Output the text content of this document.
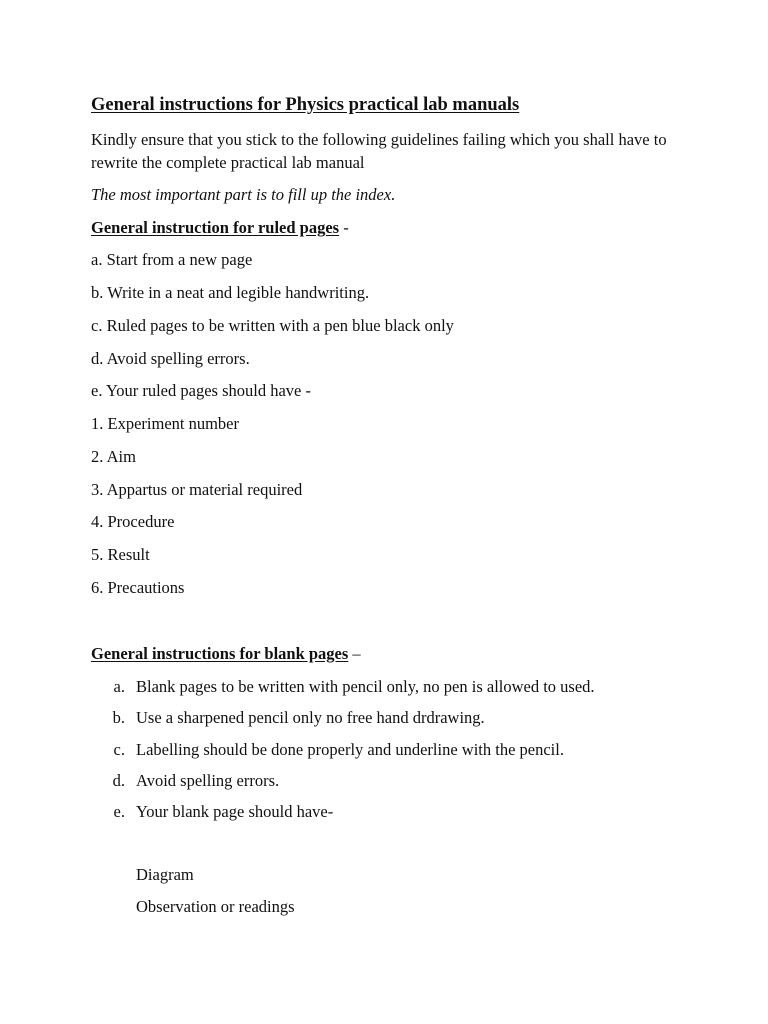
General instructions for Physics practical lab manuals
Kindly ensure that you stick to the following guidelines failing which you shall have to rewrite the complete practical lab manual
The most important part is to fill up the index.
General instruction for ruled pages -
a. Start from a new page
b. Write in a neat and legible handwriting.
c. Ruled pages to be written with a pen blue black only
d. Avoid spelling errors.
e. Your ruled pages should have -
1. Experiment number
2. Aim
3. Appartus or material required
4. Procedure
5. Result
6. Precautions
General instructions for blank pages –
a. Blank pages to be written with pencil only, no pen is allowed to used.
b. Use a sharpened pencil only no free hand drdrawing.
c. Labelling should be done properly and underline with the pencil.
d. Avoid spelling errors.
e. Your blank page should have-
Diagram
Observation or readings
